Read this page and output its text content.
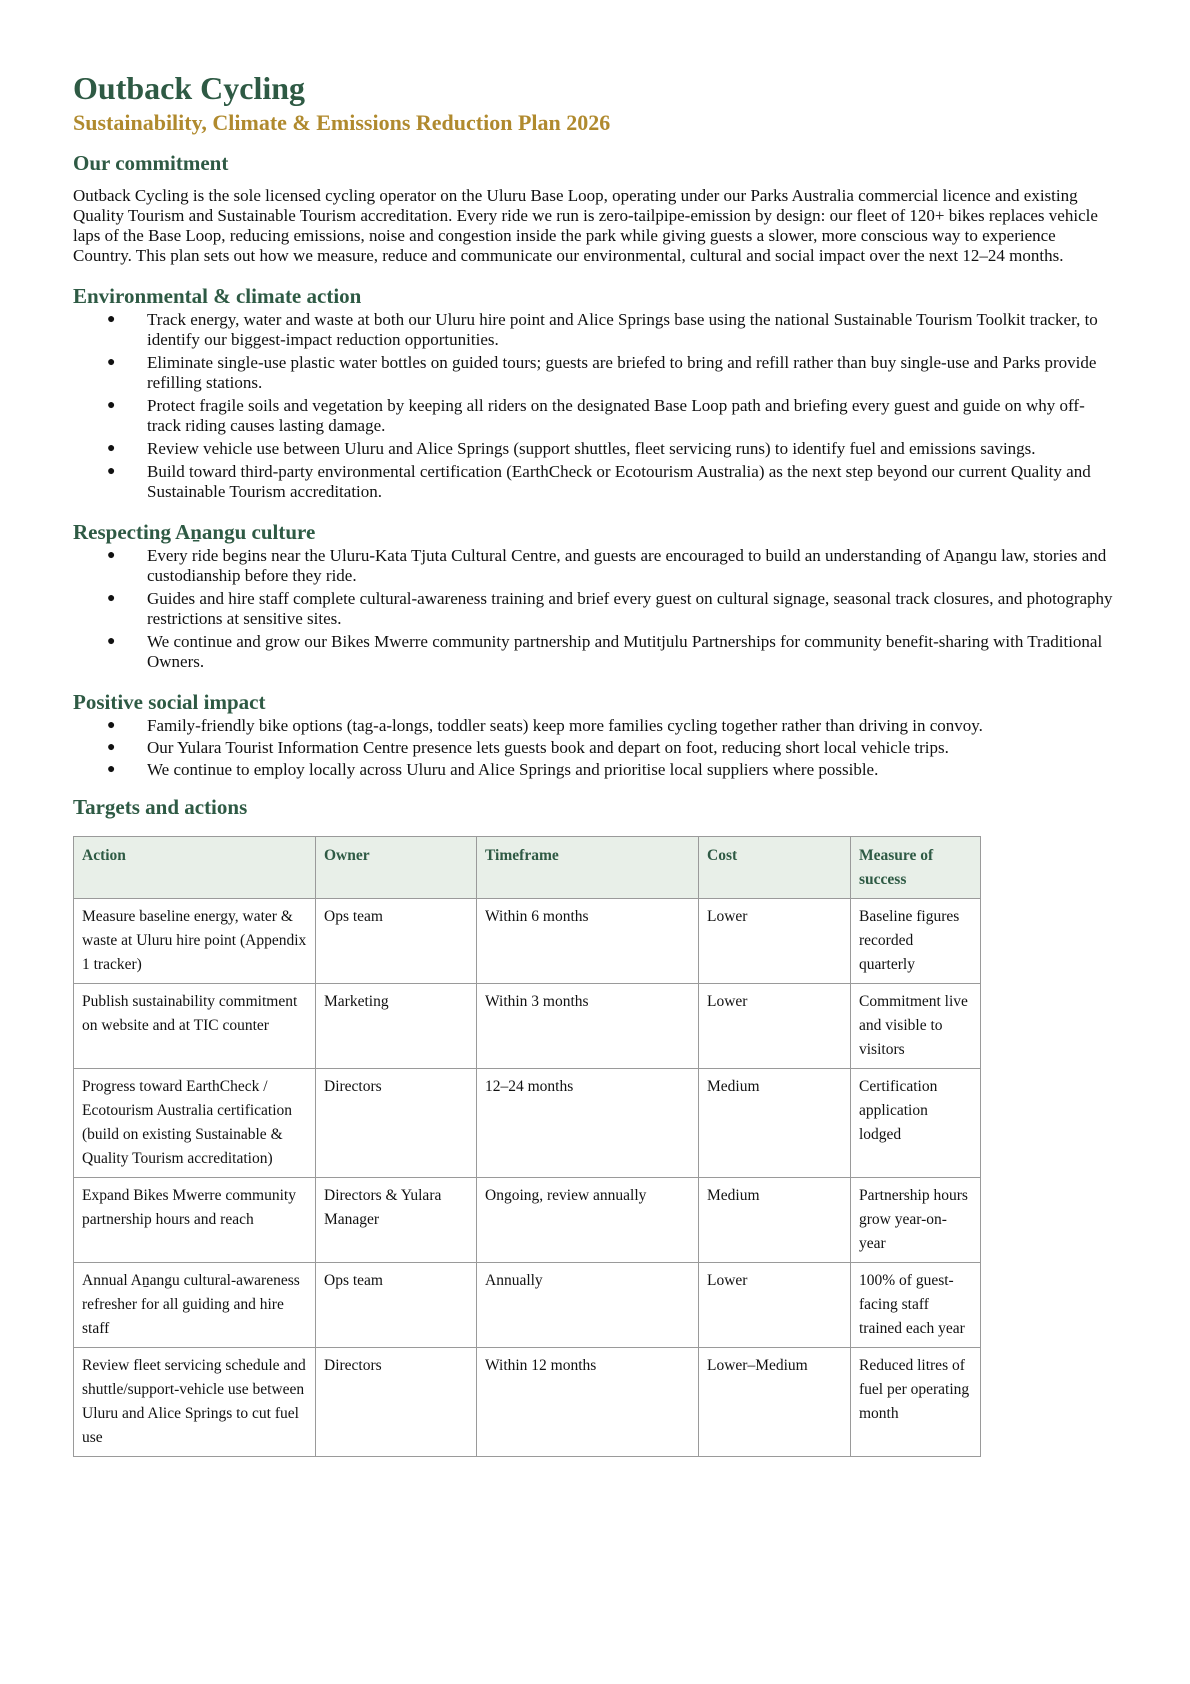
Outback Cycling
Sustainability, Climate & Emissions Reduction Plan 2026
Our commitment

Outback Cycling is the sole licensed cycling operator on the Uluru Base Loop, operating under our Parks Australia commercial licence and existing Quality Tourism and Sustainable Tourism accreditation. Every ride we run is zero-tailpipe-emission by design: our fleet of 120+ bikes replaces vehicle laps of the Base Loop, reducing emissions, noise and congestion inside the park while giving guests a slower, more conscious way to experience Country. This plan sets out how we measure, reduce and communicate our environmental, cultural and social impact over the next 12–24 months.

Environmental & climate action
● Track energy, water and waste at both our Uluru hire point and Alice Springs base using the national Sustainable Tourism Toolkit tracker, to identify our biggest-impact reduction opportunities.
● Eliminate single-use plastic water bottles on guided tours; guests are briefed to bring and refill rather than buy single-use and Parks provide refilling stations.
● Protect fragile soils and vegetation by keeping all riders on the designated Base Loop path and briefing every guest and guide on why off-track riding causes lasting damage.
● Review vehicle use between Uluru and Alice Springs (support shuttles, fleet servicing runs) to identify fuel and emissions savings.
● Build toward third-party environmental certification (EarthCheck or Ecotourism Australia) as the next step beyond our current Quality and Sustainable Tourism accreditation.
Respecting Aṉangu culture
● Every ride begins near the Uluru-Kata Tjuta Cultural Centre, and guests are encouraged to build an understanding of Aṉangu law, stories and custodianship before they ride.
● Guides and hire staff complete cultural-awareness training and brief every guest on cultural signage, seasonal track closures, and photography restrictions at sensitive sites.
● We continue and grow our Bikes Mwerre community partnership and Mutitjulu Partnerships for community benefit-sharing with Traditional Owners.
Positive social impact
● Family-friendly bike options (tag-a-longs, toddler seats) keep more families cycling together rather than driving in convoy.
● Our Yulara Tourist Information Centre presence lets guests book and depart on foot, reducing short local vehicle trips.
● We continue to employ locally across Uluru and Alice Springs and prioritise local suppliers where possible.
Targets and actions
Action	Owner	Timeframe	Cost	Measure of success
Measure baseline energy, water & waste at Uluru hire point (Appendix 1 tracker)	Ops team	Within 6 months	Lower	Baseline figures recorded quarterly
Publish sustainability commitment on website and at TIC counter	Marketing	Within 3 months	Lower	Commitment live and visible to visitors
Progress toward EarthCheck / Ecotourism Australia certification (build on existing Sustainable & Quality Tourism accreditation)	Directors	12–24 months	Medium	Certification application lodged
Expand Bikes Mwerre community partnership hours and reach	Directors & Yulara Manager	Ongoing, review annually	Medium	Partnership hours grow year-on-year
Annual Aṉangu cultural-awareness refresher for all guiding and hire staff	Ops team	Annually	Lower	100% of guest-facing staff trained each year
Review fleet servicing schedule and shuttle/support-vehicle use between Uluru and Alice Springs to cut fuel use	Directors	Within 12 months	Lower–Medium	Reduced litres of fuel per operating month
